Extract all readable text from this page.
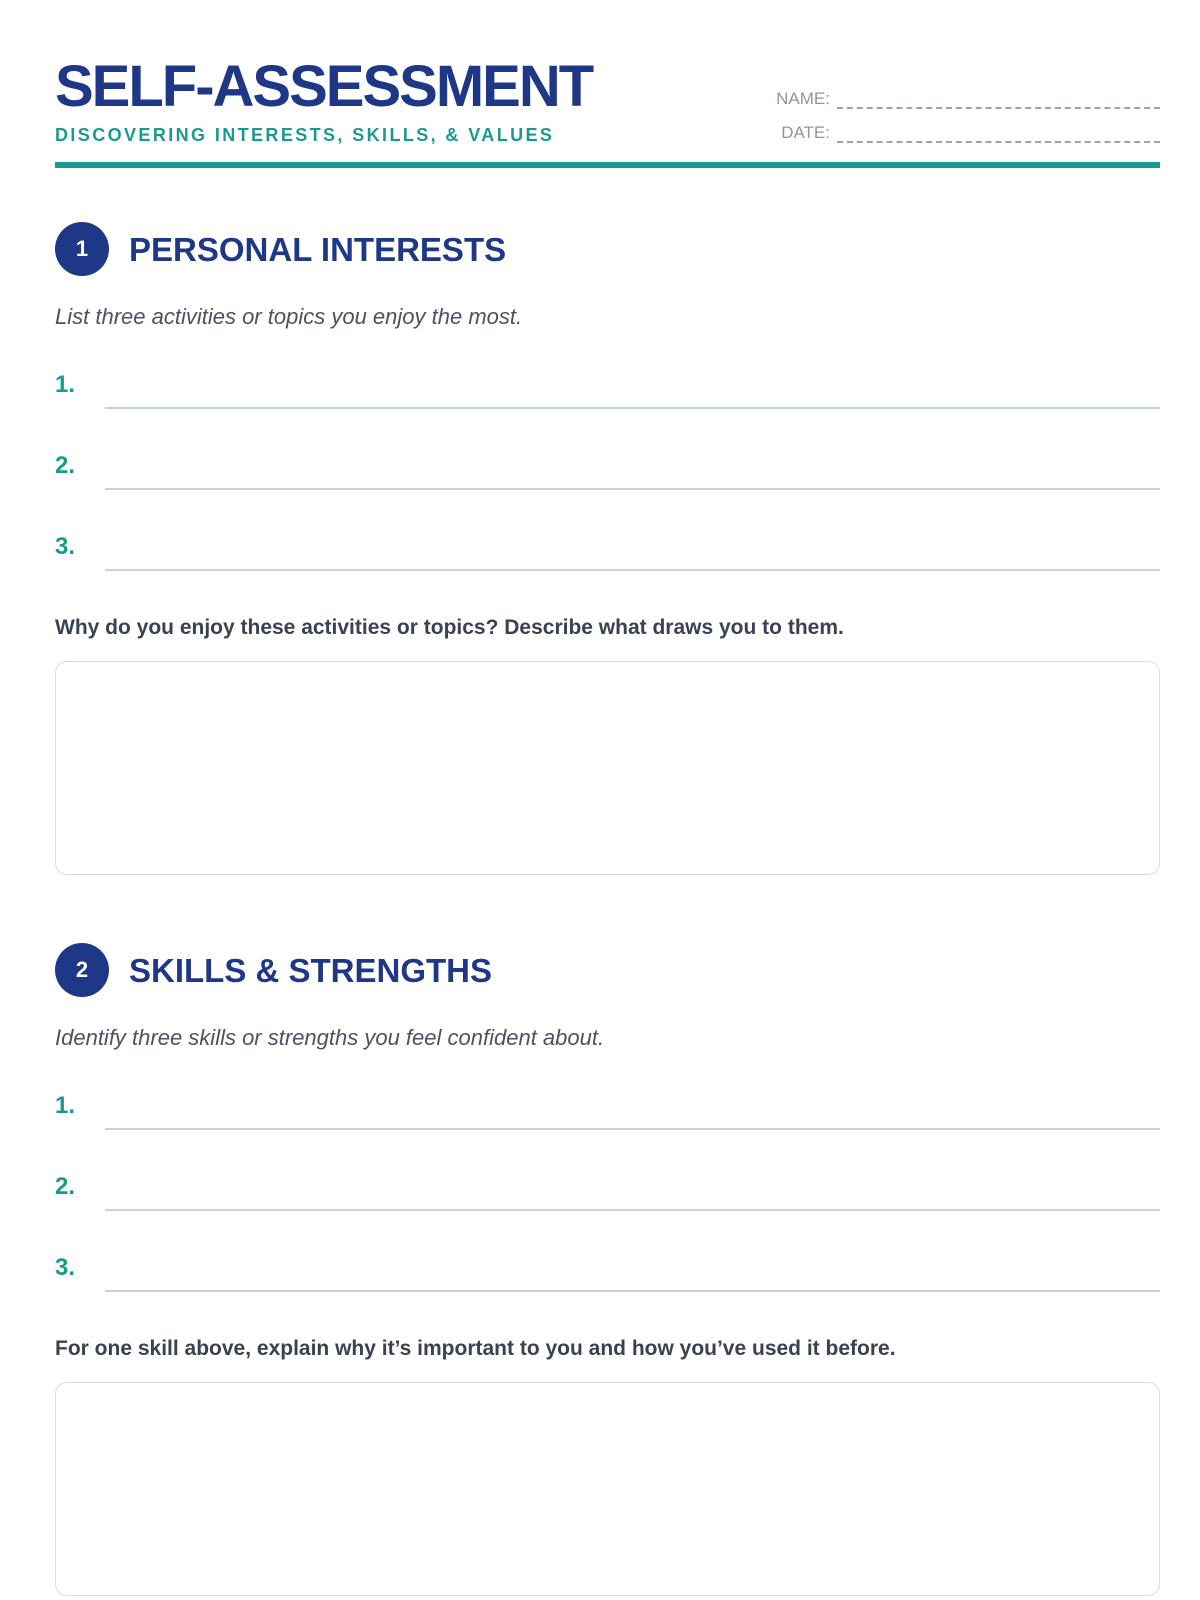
SELF-ASSESSMENT
DISCOVERING INTERESTS, SKILLS, & VALUES
NAME:
DATE:
1	PERSONAL INTERESTS
List three activities or topics you enjoy the most.
1.
2.
3.
Why do you enjoy these activities or topics? Describe what draws you to them.
2	SKILLS & STRENGTHS
Identify three skills or strengths you feel confident about.
1.
2.
3.
For one skill above, explain why it’s important to you and how you’ve used it before.
